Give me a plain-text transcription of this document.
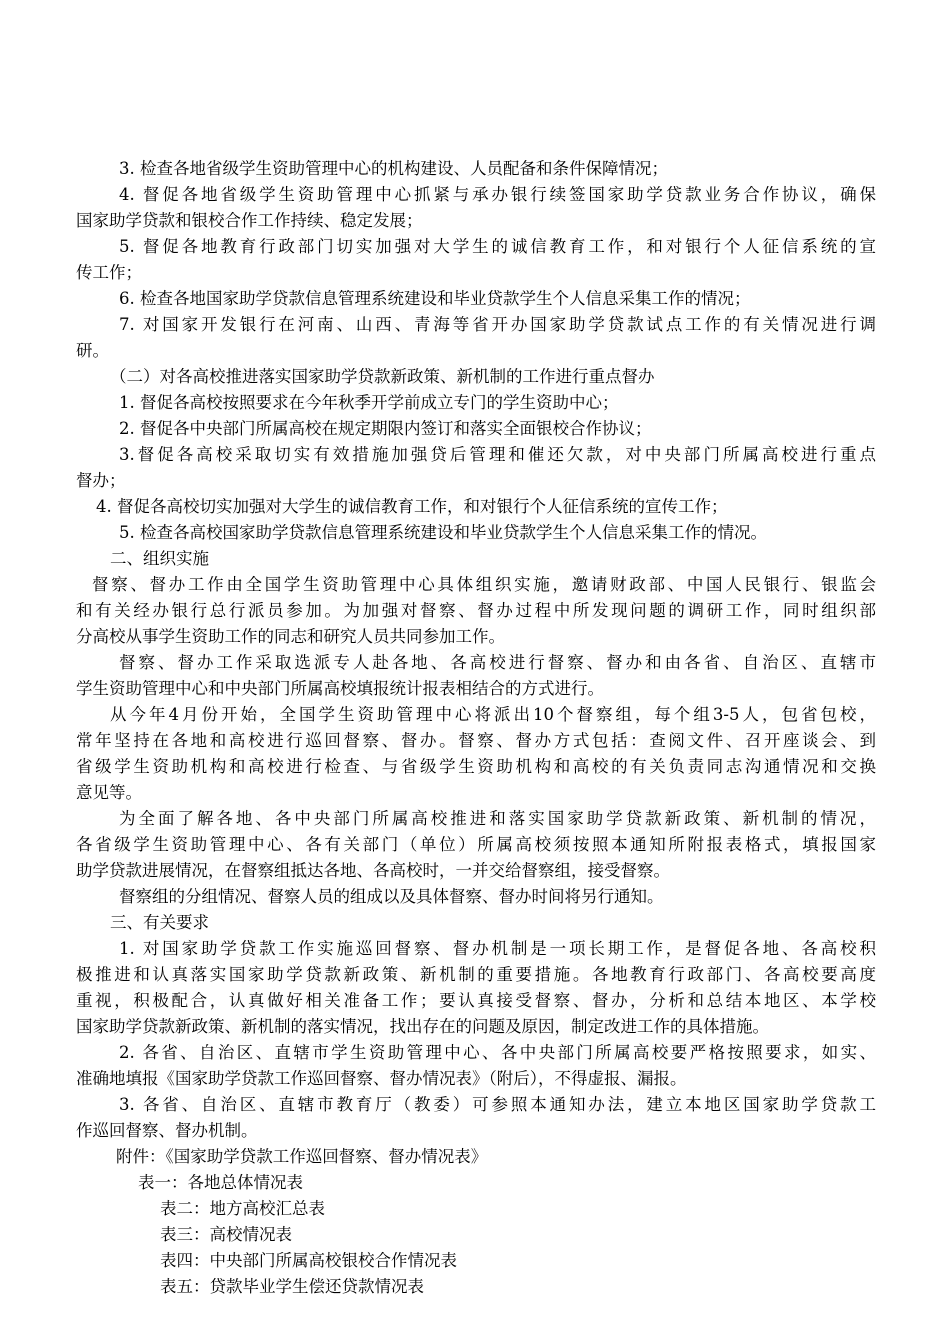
3. 检查各地省级学生资助管理中心的机构建设、人员配备和条件保障情况；

4. 督促各地省级学生资助管理中心抓紧与承办银行续签国家助学贷款业务合作协议，确保

国家助学贷款和银校合作工作持续、稳定发展；

5. 督促各地教育行政部门切实加强对大学生的诚信教育工作，和对银行个人征信系统的宣

传工作；

6. 检查各地国家助学贷款信息管理系统建设和毕业贷款学生个人信息采集工作的情况；

7. 对国家开发银行在河南、山西、青海等省开办国家助学贷款试点工作的有关情况进行调

研。

（二）对各高校推进落实国家助学贷款新政策、新机制的工作进行重点督办

1. 督促各高校按照要求在今年秋季开学前成立专门的学生资助中心；

2. 督促各中央部门所属高校在规定期限内签订和落实全面银校合作协议；

3.督促各高校采取切实有效措施加强贷后管理和催还欠款，对中央部门所属高校进行重点

督办；

4. 督促各高校切实加强对大学生的诚信教育工作，和对银行个人征信系统的宣传工作；

5. 检查各高校国家助学贷款信息管理系统建设和毕业贷款学生个人信息采集工作的情况。

二、组织实施

督察、督办工作由全国学生资助管理中心具体组织实施，邀请财政部、中国人民银行、银监会

和有关经办银行总行派员参加。为加强对督察、督办过程中所发现问题的调研工作，同时组织部

分高校从事学生资助工作的同志和研究人员共同参加工作。

督察、督办工作采取选派专人赴各地、各高校进行督察、督办和由各省、自治区、直辖市

学生资助管理中心和中央部门所属高校填报统计报表相结合的方式进行。

从今年4月份开始，全国学生资助管理中心将派出10个督察组，每个组3-5人，包省包校，

常年坚持在各地和高校进行巡回督察、督办。督察、督办方式包括：查阅文件、召开座谈会、到

省级学生资助机构和高校进行检查、与省级学生资助机构和高校的有关负责同志沟通情况和交换

意见等。

为全面了解各地、各中央部门所属高校推进和落实国家助学贷款新政策、新机制的情况，

各省级学生资助管理中心、各有关部门（单位）所属高校须按照本通知所附报表格式，填报国家

助学贷款进展情况，在督察组抵达各地、各高校时，一并交给督察组，接受督察。

督察组的分组情况、督察人员的组成以及具体督察、督办时间将另行通知。

三、有关要求

1. 对国家助学贷款工作实施巡回督察、督办机制是一项长期工作，是督促各地、各高校积

极推进和认真落实国家助学贷款新政策、新机制的重要措施。各地教育行政部门、各高校要高度

重视，积极配合，认真做好相关准备工作；要认真接受督察、督办，分析和总结本地区、本学校

国家助学贷款新政策、新机制的落实情况，找出存在的问题及原因，制定改进工作的具体措施。

2. 各省、自治区、直辖市学生资助管理中心、各中央部门所属高校要严格按照要求，如实、

准确地填报《国家助学贷款工作巡回督察、督办情况表》（附后），不得虚报、漏报。

3. 各省、自治区、直辖市教育厅（教委）可参照本通知办法，建立本地区国家助学贷款工

作巡回督察、督办机制。

附件：《国家助学贷款工作巡回督察、督办情况表》

表一：各地总体情况表

表二：地方高校汇总表

表三：高校情况表

表四：中央部门所属高校银校合作情况表

表五：贷款毕业学生偿还贷款情况表
